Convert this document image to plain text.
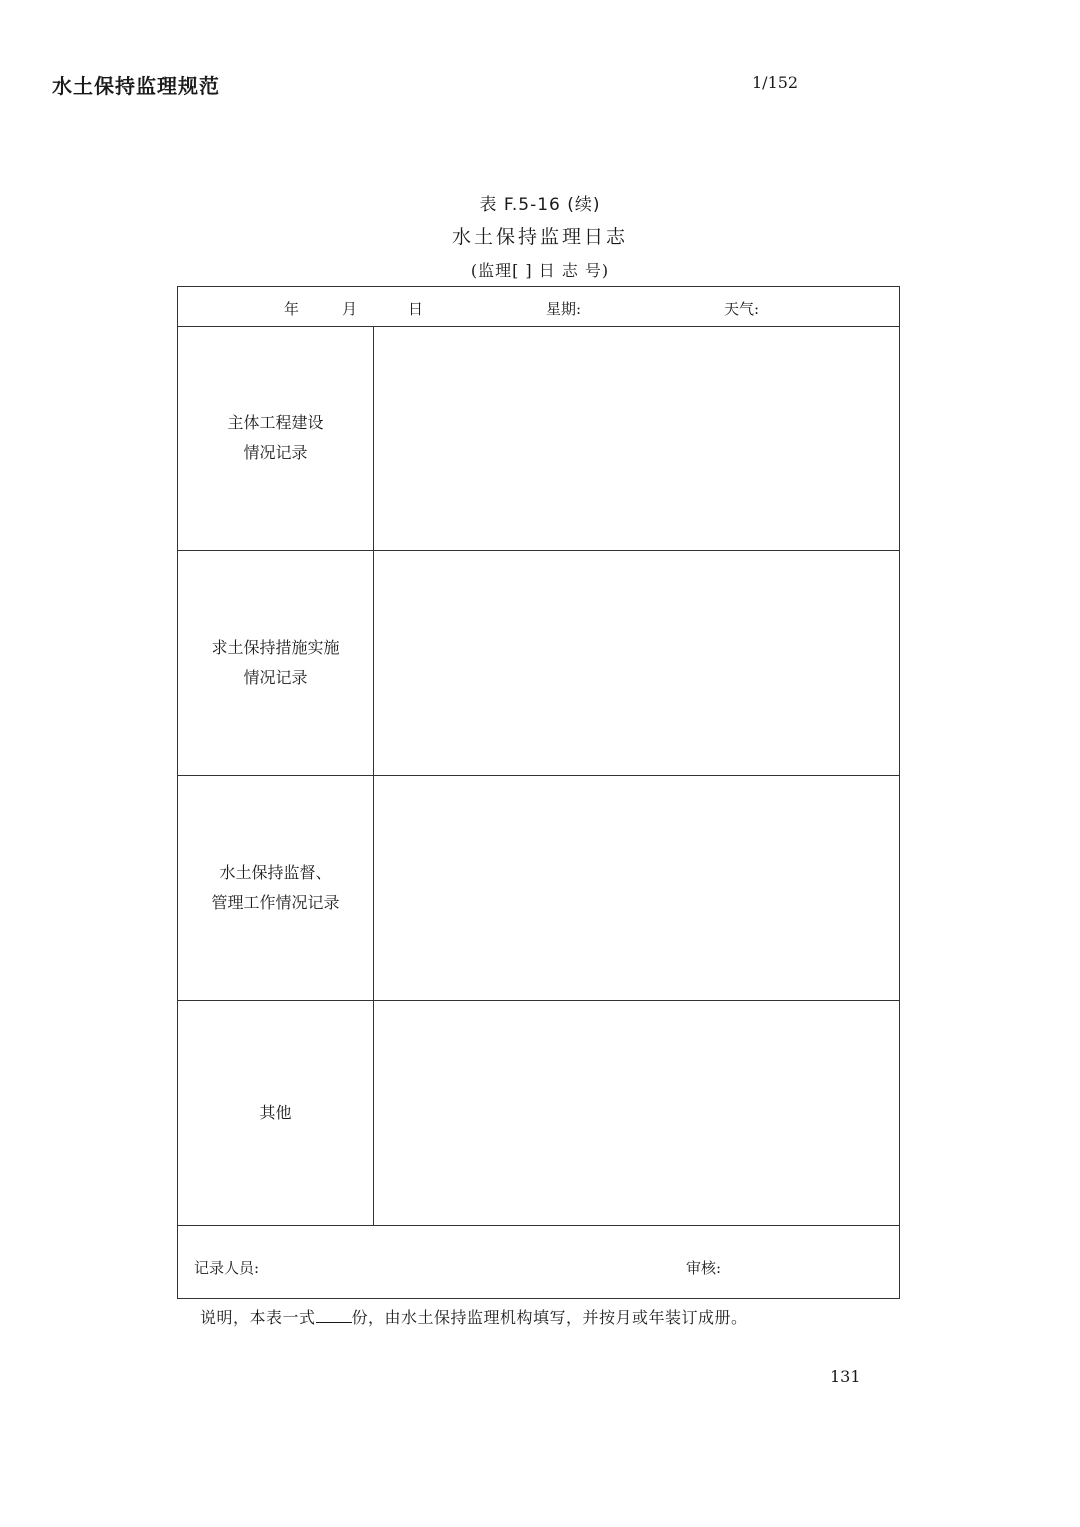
水土保持监理规范	1/152
表 F.5-16 (续)
水土保持监理日志
(监理[ ] 日 志 号)
年	月	日	星期:	天气:
主体工程建设
情况记录
求土保持措施实施
情况记录
水土保持监督、
管理工作情况记录
其他
记录人员:	审核:
说明，本表一式 份，由水土保持监理机构填写，并按月或年装订成册。
131
